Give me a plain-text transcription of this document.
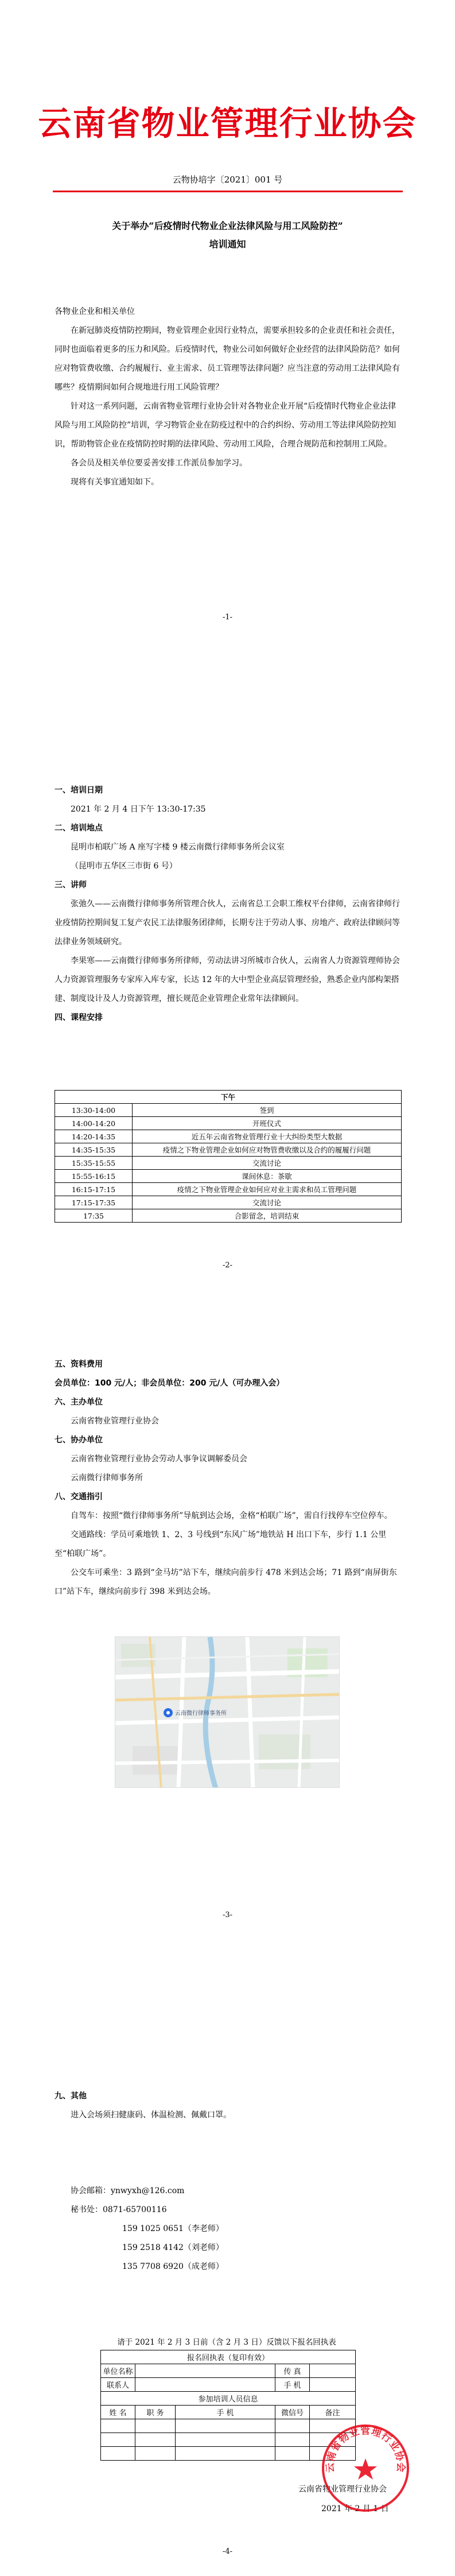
云南省物业管理行业协会
云物协培字〔2021〕001 号
关于举办“后疫情时代物业企业法律风险与用工风险防控”
培训通知

各物业企业和相关单位

在新冠肺炎疫情防控期间，物业管理企业因行业特点，需要承担较多的企业责任和社会责任，同时也面临着更多的压力和风险。后疫情时代，物业公司如何做好企业经营的法律风险防范？如何应对物管费收缴、合约履履行、业主需求、员工管理等法律问题？应当注意的劳动用工法律风险有哪些？疫情期间如何合规地进行用工风险管理？

针对这一系列问题，云南省物业管理行业协会针对各物业企业开展“后疫情时代物业企业法律风险与用工风险防控”培训，学习物管企业在防疫过程中的合约纠纷、劳动用工等法律风险防控知识，帮助物管企业在疫情防控时期的法律风险、劳动用工风险，合理合规防范和控制用工风险。

各会员及相关单位要妥善安排工作派员参加学习。

现将有关事宜通知如下。

-1-
一、培训日期
2021 年 2 月 4 日下午 13:30-17:35
二、培训地点
昆明市柏联广场 A 座写字楼 9 楼云南微行律师事务所会议室
（昆明市五华区三市街 6 号）
三、讲师
张弛久——云南微行律师事务所管理合伙人，云南省总工会职工维权平台律师，云南省律师行业疫情防控期间复工复产农民工法律服务团律师，长期专注于劳动人事、房地产、政府法律顾问等法律业务领域研究。
李果寒——云南微行律师事务所律师，劳动法讲习所城市合伙人，云南省人力资源管理师协会人力资源管理服务专家库入库专家，长达 12 年的大中型企业高层管理经验，熟悉企业内部构架搭建、制度设计及人力资源管理，擅长规范企业管理企业常年法律顾问。
四、课程安排
下午	
13:30-14:00	签到
14:00-14:20	开班仪式
14:20-14:35	近五年云南省物业管理行业十大纠纷类型大数据
14:35-15:35	疫情之下物业管理企业如何应对物管费收缴以及合约的履履行问题
15:35-15:55	交流讨论
15:55-16:15	课间休息：茶歇
16:15-17:15	疫情之下物业管理企业如何应对业主需求和员工管理问题
17:15-17:35	交流讨论
17:35	合影留念，培训结束
-2-
五、资料费用
会员单位：100 元/人；非会员单位：200 元/人（可办理入会）
六、主办单位
云南省物业管理行业协会
七、协办单位
云南省物业管理行业协会劳动人事争议调解委员会
云南微行律师事务所
八、交通指引
自驾车：按照“微行律师事务所”导航到达会场，金格“柏联广场”，需自行找停车空位停车。
交通路线：学员可乘地铁 1、2、3 号线到“东风广场”地铁站 H 出口下车，步行 1.1 公里至“柏联广场”。
公交车可乘坐：3 路到“金马坊”站下车，继续向前步行 478 米到达会场；71 路到“南屏街东口”站下车，继续向前步行 398 米到达会场。
云南微行律师事务所
-3-
九、其他
进入会场须扫健康码、体温检测、佩戴口罩。
协会邮箱：ynwyxh@126.com
秘书处：0871-65700116
159 1025 0651（李老师）
159 2518 4142（刘老师）
135 7708 6920（成老师）
请于 2021 年 2 月 3 日前（含 2 月 3 日）反馈以下报名回执表
报名回执表（复印有效）				
单位名称			传 真	
联系人			手 机	
参加培训人员信息				
姓 名	职 务	手 机	微信号	备注

云南省物业管理行业协会
2021 年 2 月 1 日
云南省物业管理行业协会
-4-
